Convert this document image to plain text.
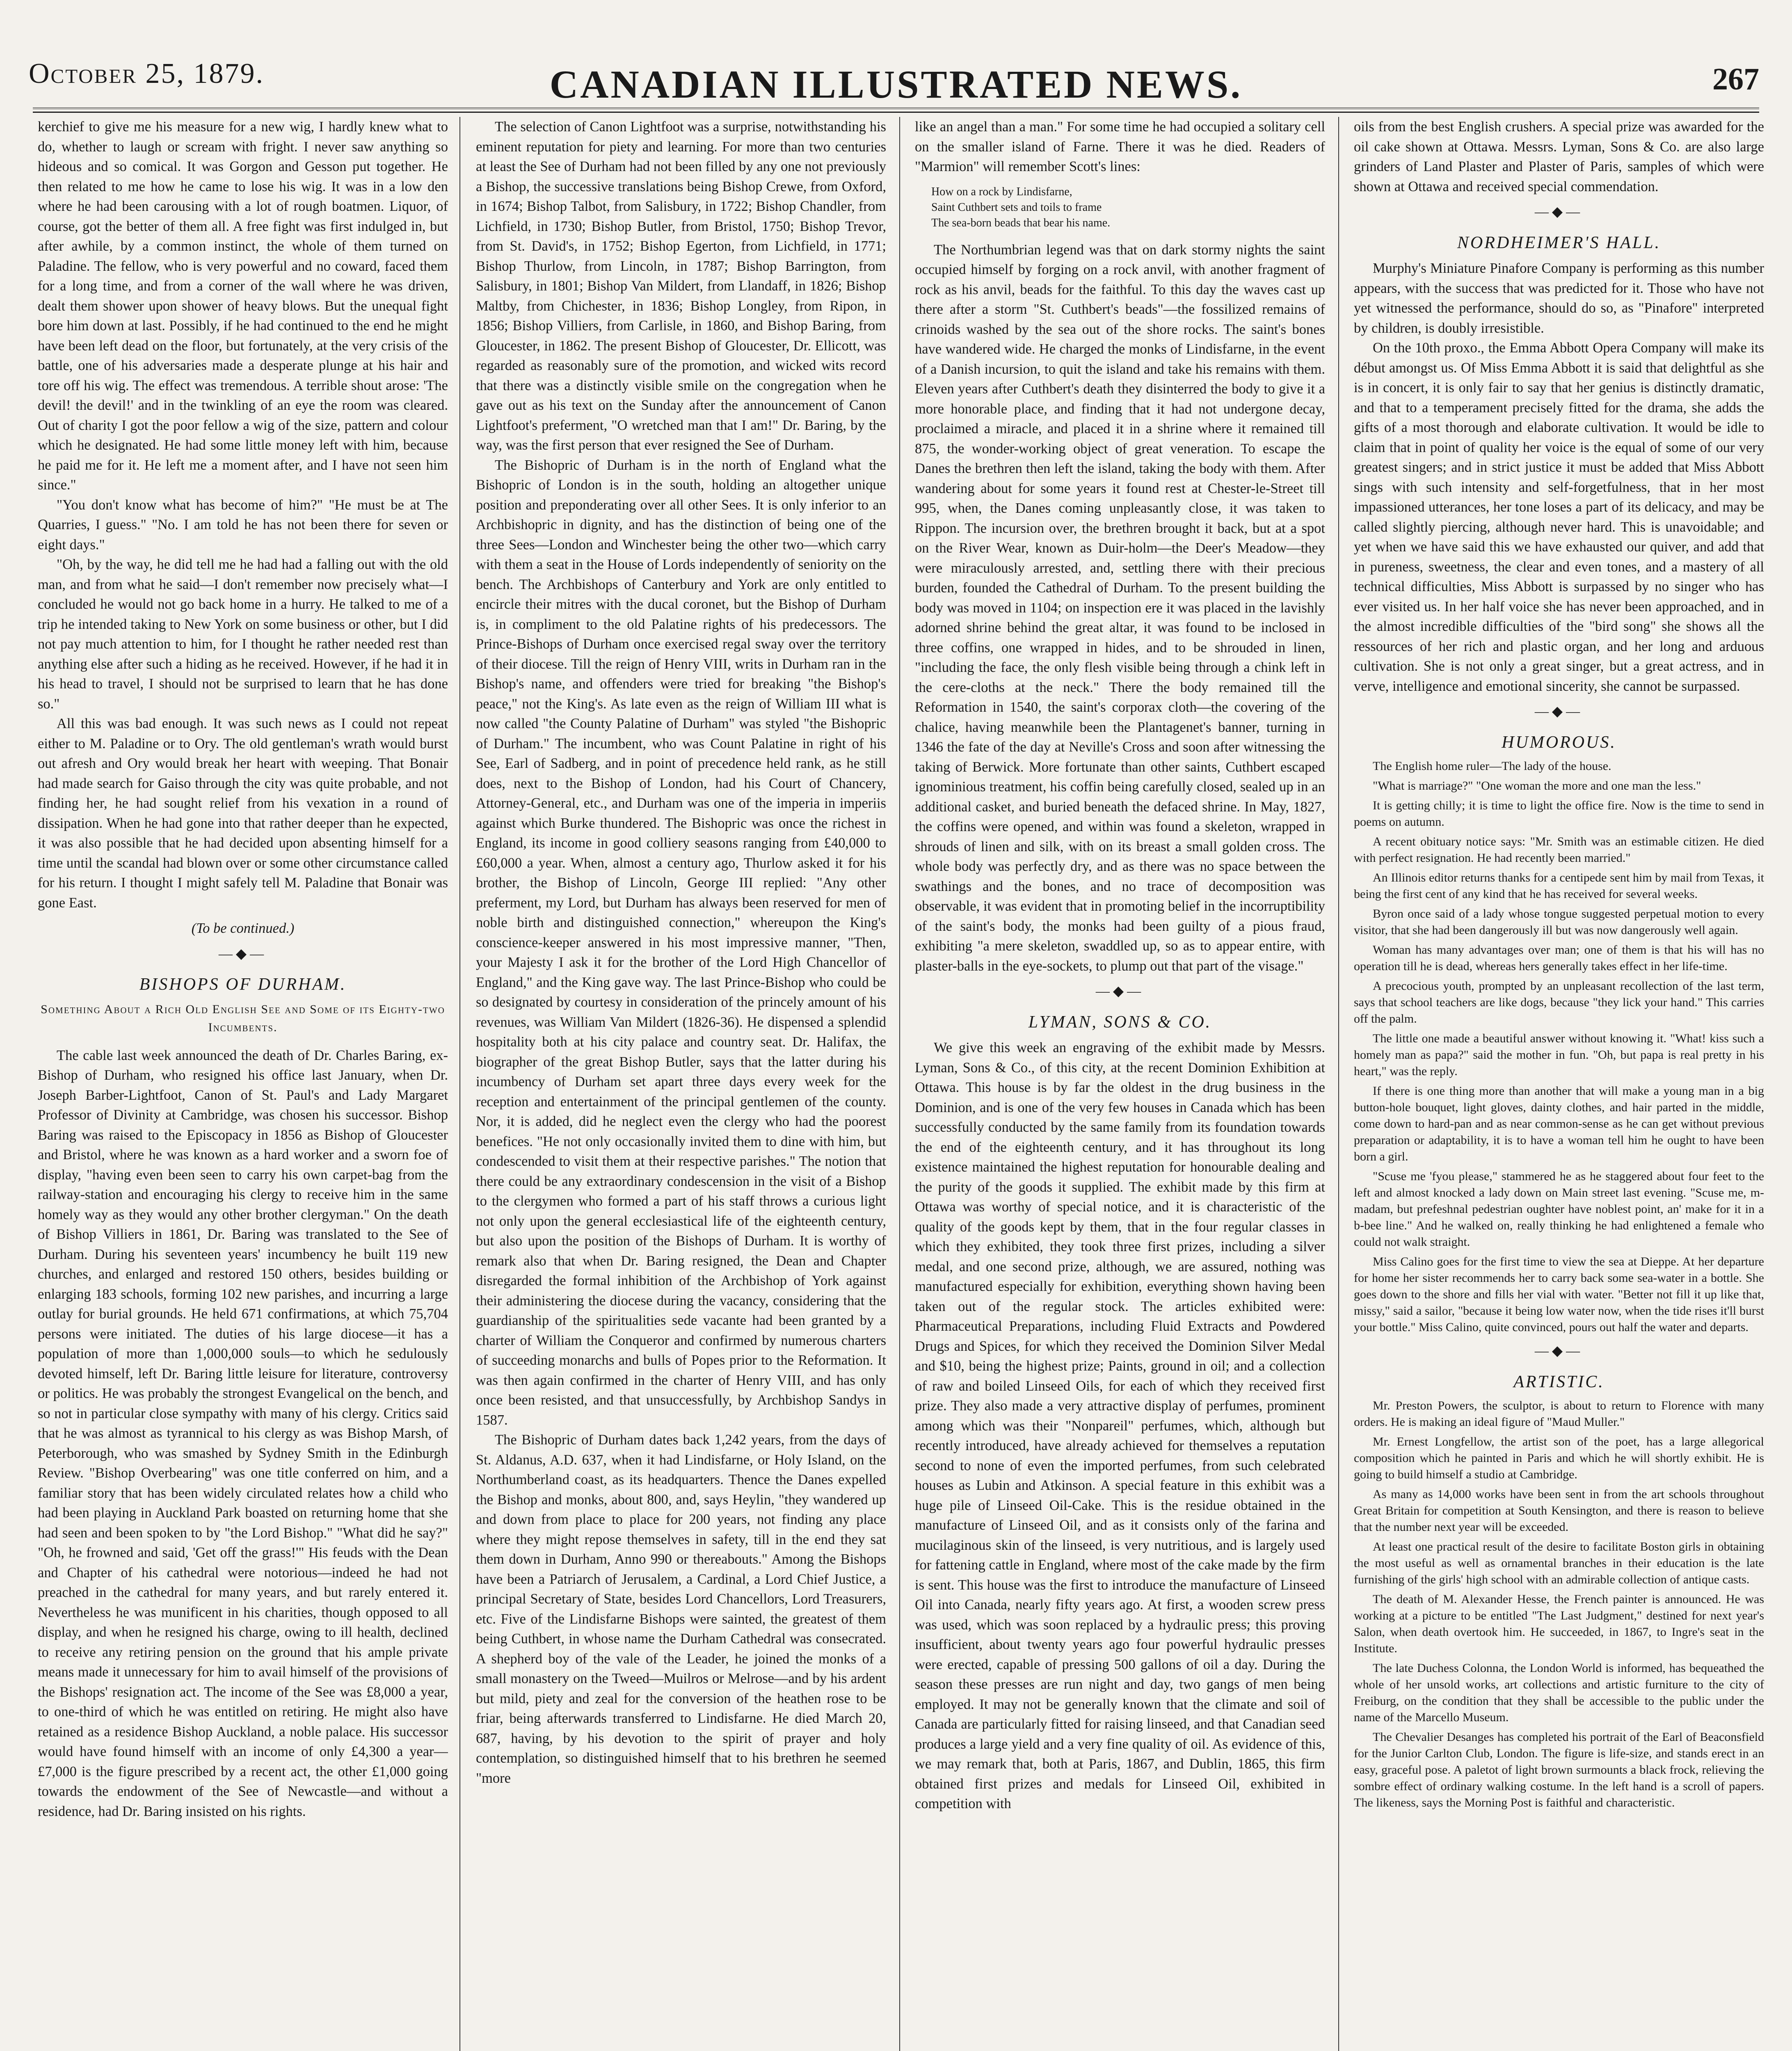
October 25, 1879.	CANADIAN ILLUSTRATED NEWS.	267

kerchief to give me his measure for a new wig, I hardly knew what to do, whether to laugh or scream with fright. I never saw anything so hideous and so comical. It was Gorgon and Gesson put together. He then related to me how he came to lose his wig. It was in a low den where he had been carousing with a lot of rough boatmen. Liquor, of course, got the better of them all. A free fight was first indulged in, but after awhile, by a common instinct, the whole of them turned on Paladine. The fellow, who is very powerful and no coward, faced them for a long time, and from a corner of the wall where he was driven, dealt them shower upon shower of heavy blows. But the unequal fight bore him down at last. Possibly, if he had continued to the end he might have been left dead on the floor, but fortunately, at the very crisis of the battle, one of his adversaries made a desperate plunge at his hair and tore off his wig. The effect was tremendous. A terrible shout arose: 'The devil! the devil!' and in the twinkling of an eye the room was cleared. Out of charity I got the poor fellow a wig of the size, pattern and colour which he designated. He had some little money left with him, because he paid me for it. He left me a moment after, and I have not seen him since."

"You don't know what has become of him?" "He must be at The Quarries, I guess." "No. I am told he has not been there for seven or eight days."

"Oh, by the way, he did tell me he had had a falling out with the old man, and from what he said—I don't remember now precisely what—I concluded he would not go back home in a hurry. He talked to me of a trip he intended taking to New York on some business or other, but I did not pay much attention to him, for I thought he rather needed rest than anything else after such a hiding as he received. However, if he had it in his head to travel, I should not be surprised to learn that he has done so."

All this was bad enough. It was such news as I could not repeat either to M. Paladine or to Ory. The old gentleman's wrath would burst out afresh and Ory would break her heart with weeping. That Bonair had made search for Gaiso through the city was quite probable, and not finding her, he had sought relief from his vexation in a round of dissipation. When he had gone into that rather deeper than he expected, it was also possible that he had decided upon absenting himself for a time until the scandal had blown over or some other circumstance called for his return. I thought I might safely tell M. Paladine that Bonair was gone East.

(To be continued.)
—◆—
BISHOPS OF DURHAM.
Something About a Rich Old English See and Some of its Eighty-two Incumbents.

The cable last week announced the death of Dr. Charles Baring, ex-Bishop of Durham, who resigned his office last January, when Dr. Joseph Barber-Lightfoot, Canon of St. Paul's and Lady Margaret Professor of Divinity at Cambridge, was chosen his successor. Bishop Baring was raised to the Episcopacy in 1856 as Bishop of Gloucester and Bristol, where he was known as a hard worker and a sworn foe of display, "having even been seen to carry his own carpet-bag from the railway-station and encouraging his clergy to receive him in the same homely way as they would any other brother clergyman." On the death of Bishop Villiers in 1861, Dr. Baring was translated to the See of Durham. During his seventeen years' incumbency he built 119 new churches, and enlarged and restored 150 others, besides building or enlarging 183 schools, forming 102 new parishes, and incurring a large outlay for burial grounds. He held 671 confirmations, at which 75,704 persons were initiated. The duties of his large diocese—it has a population of more than 1,000,000 souls—to which he sedulously devoted himself, left Dr. Baring little leisure for literature, controversy or politics. He was probably the strongest Evangelical on the bench, and so not in particular close sympathy with many of his clergy. Critics said that he was almost as tyrannical to his clergy as was Bishop Marsh, of Peterborough, who was smashed by Sydney Smith in the Edinburgh Review. "Bishop Overbearing" was one title conferred on him, and a familiar story that has been widely circulated relates how a child who had been playing in Auckland Park boasted on returning home that she had seen and been spoken to by "the Lord Bishop." "What did he say?" "Oh, he frowned and said, 'Get off the grass!'" His feuds with the Dean and Chapter of his cathedral were notorious—indeed he had not preached in the cathedral for many years, and but rarely entered it. Nevertheless he was munificent in his charities, though opposed to all display, and when he resigned his charge, owing to ill health, declined to receive any retiring pension on the ground that his ample private means made it unnecessary for him to avail himself of the provisions of the Bishops' resignation act. The income of the See was £8,000 a year, to one-third of which he was entitled on retiring. He might also have retained as a residence Bishop Auckland, a noble palace. His successor would have found himself with an income of only £4,300 a year—£7,000 is the figure prescribed by a recent act, the other £1,000 going towards the endowment of the See of Newcastle—and without a residence, had Dr. Baring insisted on his rights.

The selection of Canon Lightfoot was a surprise, notwithstanding his eminent reputation for piety and learning. For more than two centuries at least the See of Durham had not been filled by any one not previously a Bishop, the successive translations being Bishop Crewe, from Oxford, in 1674; Bishop Talbot, from Salisbury, in 1722; Bishop Chandler, from Lichfield, in 1730; Bishop Butler, from Bristol, 1750; Bishop Trevor, from St. David's, in 1752; Bishop Egerton, from Lichfield, in 1771; Bishop Thurlow, from Lincoln, in 1787; Bishop Barrington, from Salisbury, in 1801; Bishop Van Mildert, from Llandaff, in 1826; Bishop Maltby, from Chichester, in 1836; Bishop Longley, from Ripon, in 1856; Bishop Villiers, from Carlisle, in 1860, and Bishop Baring, from Gloucester, in 1862. The present Bishop of Gloucester, Dr. Ellicott, was regarded as reasonably sure of the promotion, and wicked wits record that there was a distinctly visible smile on the congregation when he gave out as his text on the Sunday after the announcement of Canon Lightfoot's preferment, "O wretched man that I am!" Dr. Baring, by the way, was the first person that ever resigned the See of Durham.

The Bishopric of Durham is in the north of England what the Bishopric of London is in the south, holding an altogether unique position and preponderating over all other Sees. It is only inferior to an Archbishopric in dignity, and has the distinction of being one of the three Sees—London and Winchester being the other two—which carry with them a seat in the House of Lords independently of seniority on the bench. The Archbishops of Canterbury and York are only entitled to encircle their mitres with the ducal coronet, but the Bishop of Durham is, in compliment to the old Palatine rights of his predecessors. The Prince-Bishops of Durham once exercised regal sway over the territory of their diocese. Till the reign of Henry VIII, writs in Durham ran in the Bishop's name, and offenders were tried for breaking "the Bishop's peace," not the King's. As late even as the reign of William III what is now called "the County Palatine of Durham" was styled "the Bishopric of Durham." The incumbent, who was Count Palatine in right of his See, Earl of Sadberg, and in point of precedence held rank, as he still does, next to the Bishop of London, had his Court of Chancery, Attorney-General, etc., and Durham was one of the imperia in imperiis against which Burke thundered. The Bishopric was once the richest in England, its income in good colliery seasons ranging from £40,000 to £60,000 a year. When, almost a century ago, Thurlow asked it for his brother, the Bishop of Lincoln, George III replied: "Any other preferment, my Lord, but Durham has always been reserved for men of noble birth and distinguished connection," whereupon the King's conscience-keeper answered in his most impressive manner, "Then, your Majesty I ask it for the brother of the Lord High Chancellor of England," and the King gave way. The last Prince-Bishop who could be so designated by courtesy in consideration of the princely amount of his revenues, was William Van Mildert (1826-36). He dispensed a splendid hospitality both at his city palace and country seat. Dr. Halifax, the biographer of the great Bishop Butler, says that the latter during his incumbency of Durham set apart three days every week for the reception and entertainment of the principal gentlemen of the county. Nor, it is added, did he neglect even the clergy who had the poorest benefices. "He not only occasionally invited them to dine with him, but condescended to visit them at their respective parishes." The notion that there could be any extraordinary condescension in the visit of a Bishop to the clergymen who formed a part of his staff throws a curious light not only upon the general ecclesiastical life of the eighteenth century, but also upon the position of the Bishops of Durham. It is worthy of remark also that when Dr. Baring resigned, the Dean and Chapter disregarded the formal inhibition of the Archbishop of York against their administering the diocese during the vacancy, considering that the guardianship of the spiritualities sede vacante had been granted by a charter of William the Conqueror and confirmed by numerous charters of succeeding monarchs and bulls of Popes prior to the Reformation. It was then again confirmed in the charter of Henry VIII, and has only once been resisted, and that unsuccessfully, by Archbishop Sandys in 1587.

The Bishopric of Durham dates back 1,242 years, from the days of St. Aldanus, A.D. 637, when it had Lindisfarne, or Holy Island, on the Northumberland coast, as its headquarters. Thence the Danes expelled the Bishop and monks, about 800, and, says Heylin, "they wandered up and down from place to place for 200 years, not finding any place where they might repose themselves in safety, till in the end they sat them down in Durham, Anno 990 or thereabouts." Among the Bishops have been a Patriarch of Jerusalem, a Cardinal, a Lord Chief Justice, a principal Secretary of State, besides Lord Chancellors, Lord Treasurers, etc. Five of the Lindisfarne Bishops were sainted, the greatest of them being Cuthbert, in whose name the Durham Cathedral was consecrated. A shepherd boy of the vale of the Leader, he joined the monks of a small monastery on the Tweed—Muilros or Melrose—and by his ardent but mild, piety and zeal for the conversion of the heathen rose to be friar, being afterwards transferred to Lindisfarne. He died March 20, 687, having, by his devotion to the spirit of prayer and holy contemplation, so distinguished himself that to his brethren he seemed "more

like an angel than a man." For some time he had occupied a solitary cell on the smaller island of Farne. There it was he died. Readers of "Marmion" will remember Scott's lines:

How on a rock by Lindisfarne,
Saint Cuthbert sets and toils to frame
The sea-born beads that bear his name.

The Northumbrian legend was that on dark stormy nights the saint occupied himself by forging on a rock anvil, with another fragment of rock as his anvil, beads for the faithful. To this day the waves cast up there after a storm "St. Cuthbert's beads"—the fossilized remains of crinoids washed by the sea out of the shore rocks. The saint's bones have wandered wide. He charged the monks of Lindisfarne, in the event of a Danish incursion, to quit the island and take his remains with them. Eleven years after Cuthbert's death they disinterred the body to give it a more honorable place, and finding that it had not undergone decay, proclaimed a miracle, and placed it in a shrine where it remained till 875, the wonder-working object of great veneration. To escape the Danes the brethren then left the island, taking the body with them. After wandering about for some years it found rest at Chester-le-Street till 995, when, the Danes coming unpleasantly close, it was taken to Rippon. The incursion over, the brethren brought it back, but at a spot on the River Wear, known as Duir-holm—the Deer's Meadow—they were miraculously arrested, and, settling there with their precious burden, founded the Cathedral of Durham. To the present building the body was moved in 1104; on inspection ere it was placed in the lavishly adorned shrine behind the great altar, it was found to be inclosed in three coffins, one wrapped in hides, and to be shrouded in linen, "including the face, the only flesh visible being through a chink left in the cere-cloths at the neck." There the body remained till the Reformation in 1540, the saint's corporax cloth—the covering of the chalice, having meanwhile been the Plantagenet's banner, turning in 1346 the fate of the day at Neville's Cross and soon after witnessing the taking of Berwick. More fortunate than other saints, Cuthbert escaped ignominious treatment, his coffin being carefully closed, sealed up in an additional casket, and buried beneath the defaced shrine. In May, 1827, the coffins were opened, and within was found a skeleton, wrapped in shrouds of linen and silk, with on its breast a small golden cross. The whole body was perfectly dry, and as there was no space between the swathings and the bones, and no trace of decomposition was observable, it was evident that in promoting belief in the incorruptibility of the saint's body, the monks had been guilty of a pious fraud, exhibiting "a mere skeleton, swaddled up, so as to appear entire, with plaster-balls in the eye-sockets, to plump out that part of the visage."

—◆—
LYMAN, SONS & CO.

We give this week an engraving of the exhibit made by Messrs. Lyman, Sons & Co., of this city, at the recent Dominion Exhibition at Ottawa. This house is by far the oldest in the drug business in the Dominion, and is one of the very few houses in Canada which has been successfully conducted by the same family from its foundation towards the end of the eighteenth century, and it has throughout its long existence maintained the highest reputation for honourable dealing and the purity of the goods it supplied. The exhibit made by this firm at Ottawa was worthy of special notice, and it is characteristic of the quality of the goods kept by them, that in the four regular classes in which they exhibited, they took three first prizes, including a silver medal, and one second prize, although, we are assured, nothing was manufactured especially for exhibition, everything shown having been taken out of the regular stock. The articles exhibited were: Pharmaceutical Preparations, including Fluid Extracts and Powdered Drugs and Spices, for which they received the Dominion Silver Medal and $10, being the highest prize; Paints, ground in oil; and a collection of raw and boiled Linseed Oils, for each of which they received first prize. They also made a very attractive display of perfumes, prominent among which was their "Nonpareil" perfumes, which, although but recently introduced, have already achieved for themselves a reputation second to none of even the imported perfumes, from such celebrated houses as Lubin and Atkinson. A special feature in this exhibit was a huge pile of Linseed Oil-Cake. This is the residue obtained in the manufacture of Linseed Oil, and as it consists only of the farina and mucilaginous skin of the linseed, is very nutritious, and is largely used for fattening cattle in England, where most of the cake made by the firm is sent. This house was the first to introduce the manufacture of Linseed Oil into Canada, nearly fifty years ago. At first, a wooden screw press was used, which was soon replaced by a hydraulic press; this proving insufficient, about twenty years ago four powerful hydraulic presses were erected, capable of pressing 500 gallons of oil a day. During the season these presses are run night and day, two gangs of men being employed. It may not be generally known that the climate and soil of Canada are particularly fitted for raising linseed, and that Canadian seed produces a large yield and a very fine quality of oil. As evidence of this, we may remark that, both at Paris, 1867, and Dublin, 1865, this firm obtained first prizes and medals for Linseed Oil, exhibited in competition with

oils from the best English crushers. A special prize was awarded for the oil cake shown at Ottawa. Messrs. Lyman, Sons & Co. are also large grinders of Land Plaster and Plaster of Paris, samples of which were shown at Ottawa and received special commendation.

—◆—
NORDHEIMER'S HALL.

Murphy's Miniature Pinafore Company is performing as this number appears, with the success that was predicted for it. Those who have not yet witnessed the performance, should do so, as "Pinafore" interpreted by children, is doubly irresistible.

On the 10th proxo., the Emma Abbott Opera Company will make its début amongst us. Of Miss Emma Abbott it is said that delightful as she is in concert, it is only fair to say that her genius is distinctly dramatic, and that to a temperament precisely fitted for the drama, she adds the gifts of a most thorough and elaborate cultivation. It would be idle to claim that in point of quality her voice is the equal of some of our very greatest singers; and in strict justice it must be added that Miss Abbott sings with such intensity and self-forgetfulness, that in her most impassioned utterances, her tone loses a part of its delicacy, and may be called slightly piercing, although never hard. This is unavoidable; and yet when we have said this we have exhausted our quiver, and add that in pureness, sweetness, the clear and even tones, and a mastery of all technical difficulties, Miss Abbott is surpassed by no singer who has ever visited us. In her half voice she has never been approached, and in the almost incredible difficulties of the "bird song" she shows all the ressources of her rich and plastic organ, and her long and arduous cultivation. She is not only a great singer, but a great actress, and in verve, intelligence and emotional sincerity, she cannot be surpassed.

—◆—
HUMOROUS.

The English home ruler—The lady of the house.

"What is marriage?" "One woman the more and one man the less."

It is getting chilly; it is time to light the office fire. Now is the time to send in poems on autumn.

A recent obituary notice says: "Mr. Smith was an estimable citizen. He died with perfect resignation. He had recently been married."

An Illinois editor returns thanks for a centipede sent him by mail from Texas, it being the first cent of any kind that he has received for several weeks.

Byron once said of a lady whose tongue suggested perpetual motion to every visitor, that she had been dangerously ill but was now dangerously well again.

Woman has many advantages over man; one of them is that his will has no operation till he is dead, whereas hers generally takes effect in her life-time.

A precocious youth, prompted by an unpleasant recollection of the last term, says that school teachers are like dogs, because "they lick your hand." This carries off the palm.

The little one made a beautiful answer without knowing it. "What! kiss such a homely man as papa?" said the mother in fun. "Oh, but papa is real pretty in his heart," was the reply.

If there is one thing more than another that will make a young man in a big button-hole bouquet, light gloves, dainty clothes, and hair parted in the middle, come down to hard-pan and as near common-sense as he can get without previous preparation or adaptability, it is to have a woman tell him he ought to have been born a girl.

"Scuse me 'fyou please," stammered he as he staggered about four feet to the left and almost knocked a lady down on Main street last evening. "Scuse me, m-madam, but prefeshnal pedestrian oughter have noblest point, an' make for it in a b-bee line." And he walked on, really thinking he had enlightened a female who could not walk straight.

Miss Calino goes for the first time to view the sea at Dieppe. At her departure for home her sister recommends her to carry back some sea-water in a bottle. She goes down to the shore and fills her vial with water. "Better not fill it up like that, missy," said a sailor, "because it being low water now, when the tide rises it'll burst your bottle." Miss Calino, quite convinced, pours out half the water and departs.

—◆—
ARTISTIC.

Mr. Preston Powers, the sculptor, is about to return to Florence with many orders. He is making an ideal figure of "Maud Muller."

Mr. Ernest Longfellow, the artist son of the poet, has a large allegorical composition which he painted in Paris and which he will shortly exhibit. He is going to build himself a studio at Cambridge.

As many as 14,000 works have been sent in from the art schools throughout Great Britain for competition at South Kensington, and there is reason to believe that the number next year will be exceeded.

At least one practical result of the desire to facilitate Boston girls in obtaining the most useful as well as ornamental branches in their education is the late furnishing of the girls' high school with an admirable collection of antique casts.

The death of M. Alexander Hesse, the French painter is announced. He was working at a picture to be entitled "The Last Judgment," destined for next year's Salon, when death overtook him. He succeeded, in 1867, to Ingre's seat in the Institute.

The late Duchess Colonna, the London World is informed, has bequeathed the whole of her unsold works, art collections and artistic furniture to the city of Freiburg, on the condition that they shall be accessible to the public under the name of the Marcello Museum.

The Chevalier Desanges has completed his portrait of the Earl of Beaconsfield for the Junior Carlton Club, London. The figure is life-size, and stands erect in an easy, graceful pose. A paletot of light brown surmounts a black frock, relieving the sombre effect of ordinary walking costume. In the left hand is a scroll of papers. The likeness, says the Morning Post is faithful and characteristic.
